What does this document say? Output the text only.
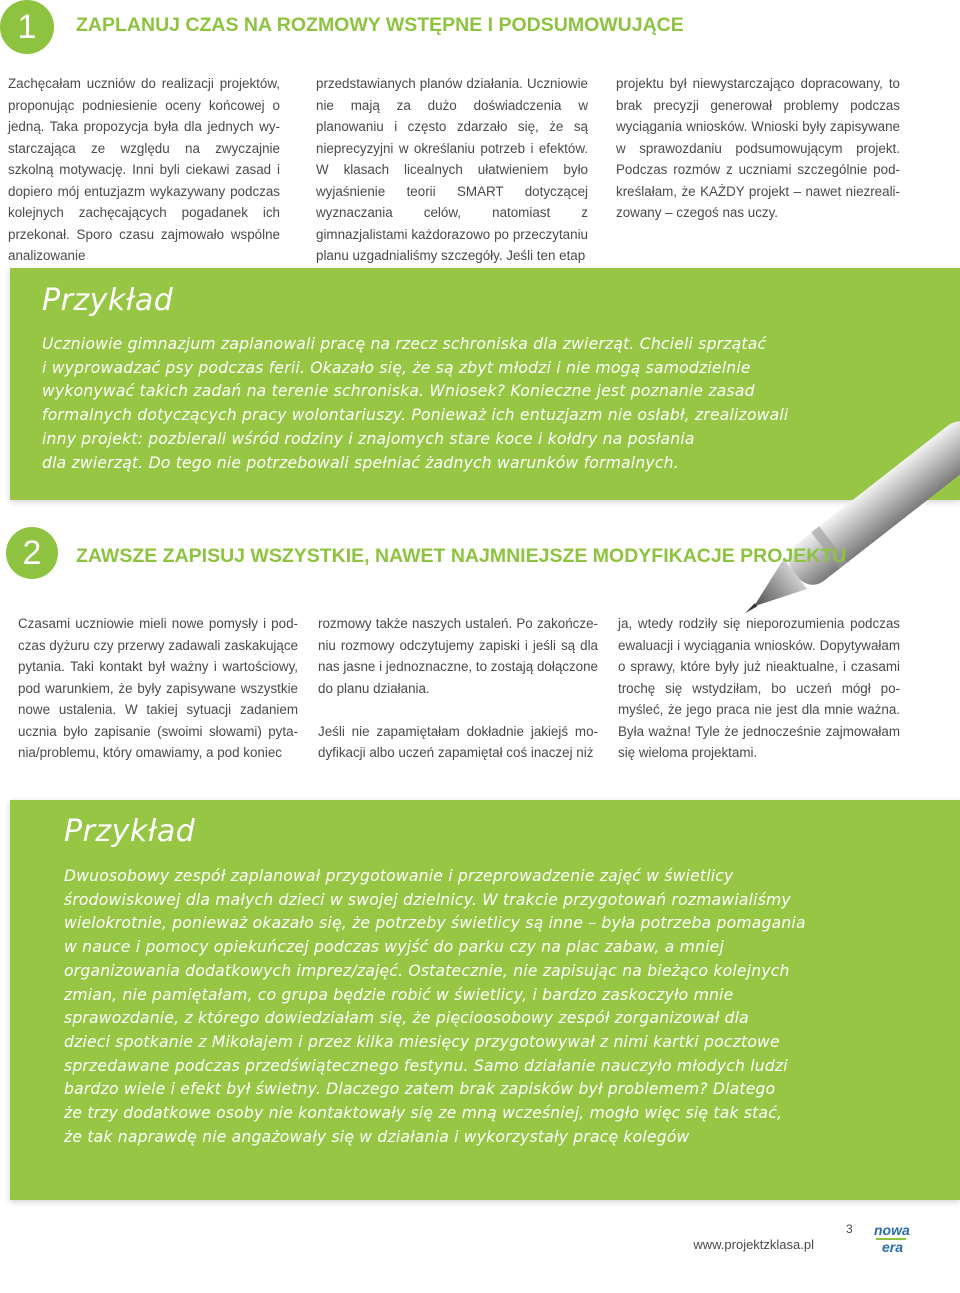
1 ZAPLANUJ CZAS NA ROZMOWY WSTĘPNE I PODSUMOWUJĄCE

Zachęcałam uczniów do realizacji projektów, proponując podniesienie oceny końcowej o jedną. Taka propozycja była dla jednych wystarczająca ze względu na zwyczajnie szkolną motywację. Inni byli ciekawi zasad i dopiero mój entuzjazm wykazywany podczas kolejnych zachęcających pogadanek ich przekonał. Sporo czasu zajmowało wspólne analizowanie

przedstawianych planów działania. Uczniowie nie mają za dużo doświadczenia w planowaniu i często zdarzało się, że są nieprecyzyjni w określaniu potrzeb i efektów. W klasach licealnych ułatwieniem było wyjaśnienie teorii SMART dotyczącej wyznaczania celów, natomiast z gimnazjalistami każdorazowo po przeczytaniu planu uzgadnialiśmy szczegóły. Jeśli ten etap

projektu był niewystarczająco dopracowany, to brak precyzji generował problemy podczas wyciągania wniosków. Wnioski były zapisywane w sprawozdaniu podsumowującym projekt. Podczas rozmów z uczniami szczególnie podkreślałam, że KAŻDY projekt – nawet niezrealizowany – czegoś nas uczy.

Przykład
Uczniowie gimnazjum zaplanowali pracę na rzecz schroniska dla zwierząt. Chcieli sprzątać
i wyprowadzać psy podczas ferii. Okazało się, że są zbyt młodzi i nie mogą samodzielnie
wykonywać takich zadań na terenie schroniska. Wniosek? Konieczne jest poznanie zasad
formalnych dotyczących pracy wolontariuszy. Ponieważ ich entuzjazm nie osłabł, zrealizowali
inny projekt: pozbierali wśród rodziny i znajomych stare koce i kołdry na posłania
dla zwierząt. Do tego nie potrzebowali spełniać żadnych warunków formalnych.
2 ZAWSZE ZAPISUJ WSZYSTKIE, NAWET NAJMNIEJSZE MODYFIKACJE PROJEKTU

Czasami uczniowie mieli nowe pomysły i podczas dyżuru czy przerwy zadawali zaskakujące pytania. Taki kontakt był ważny i wartościowy, pod warunkiem, że były zapisywane wszystkie nowe ustalenia. W takiej sytuacji zadaniem ucznia było zapisanie (swoimi słowami) pytania/problemu, który omawiamy, a pod koniec

rozmowy także naszych ustaleń. Po zakończeniu rozmowy odczytujemy zapiski i jeśli są dla nas jasne i jednoznaczne, to zostają dołączone do planu działania.

Jeśli nie zapamiętałam dokładnie jakiejś modyfikacji albo uczeń zapamiętał coś inaczej niż

ja, wtedy rodziły się nieporozumienia podczas ewaluacji i wyciągania wniosków. Dopytywałam o sprawy, które były już nieaktualne, i czasami trochę się wstydziłam, bo uczeń mógł pomyśleć, że jego praca nie jest dla mnie ważna. Była ważna! Tyle że jednocześnie zajmowałam się wieloma projektami.

Przykład
Dwuosobowy zespół zaplanował przygotowanie i przeprowadzenie zajęć w świetlicy
środowiskowej dla małych dzieci w swojej dzielnicy. W trakcie przygotowań rozmawialiśmy
wielokrotnie, ponieważ okazało się, że potrzeby świetlicy są inne – była potrzeba pomagania
w nauce i pomocy opiekuńczej podczas wyjść do parku czy na plac zabaw, a mniej
organizowania dodatkowych imprez/zajęć. Ostatecznie, nie zapisując na bieżąco kolejnych
zmian, nie pamiętałam, co grupa będzie robić w świetlicy, i bardzo zaskoczyło mnie
sprawozdanie, z którego dowiedziałam się, że pięcioosobowy zespół zorganizował dla
dzieci spotkanie z Mikołajem i przez kilka miesięcy przygotowywał z nimi kartki pocztowe
sprzedawane podczas przedświątecznego festynu. Samo działanie nauczyło młodych ludzi
bardzo wiele i efekt był świetny. Dlaczego zatem brak zapisków był problemem? Dlatego
że trzy dodatkowe osoby nie kontaktowały się ze mną wcześniej, mogło więc się tak stać,
że tak naprawdę nie angażowały się w działania i wykorzystały pracę kolegów
www.projektzklasa.pl
3 nowa
era
